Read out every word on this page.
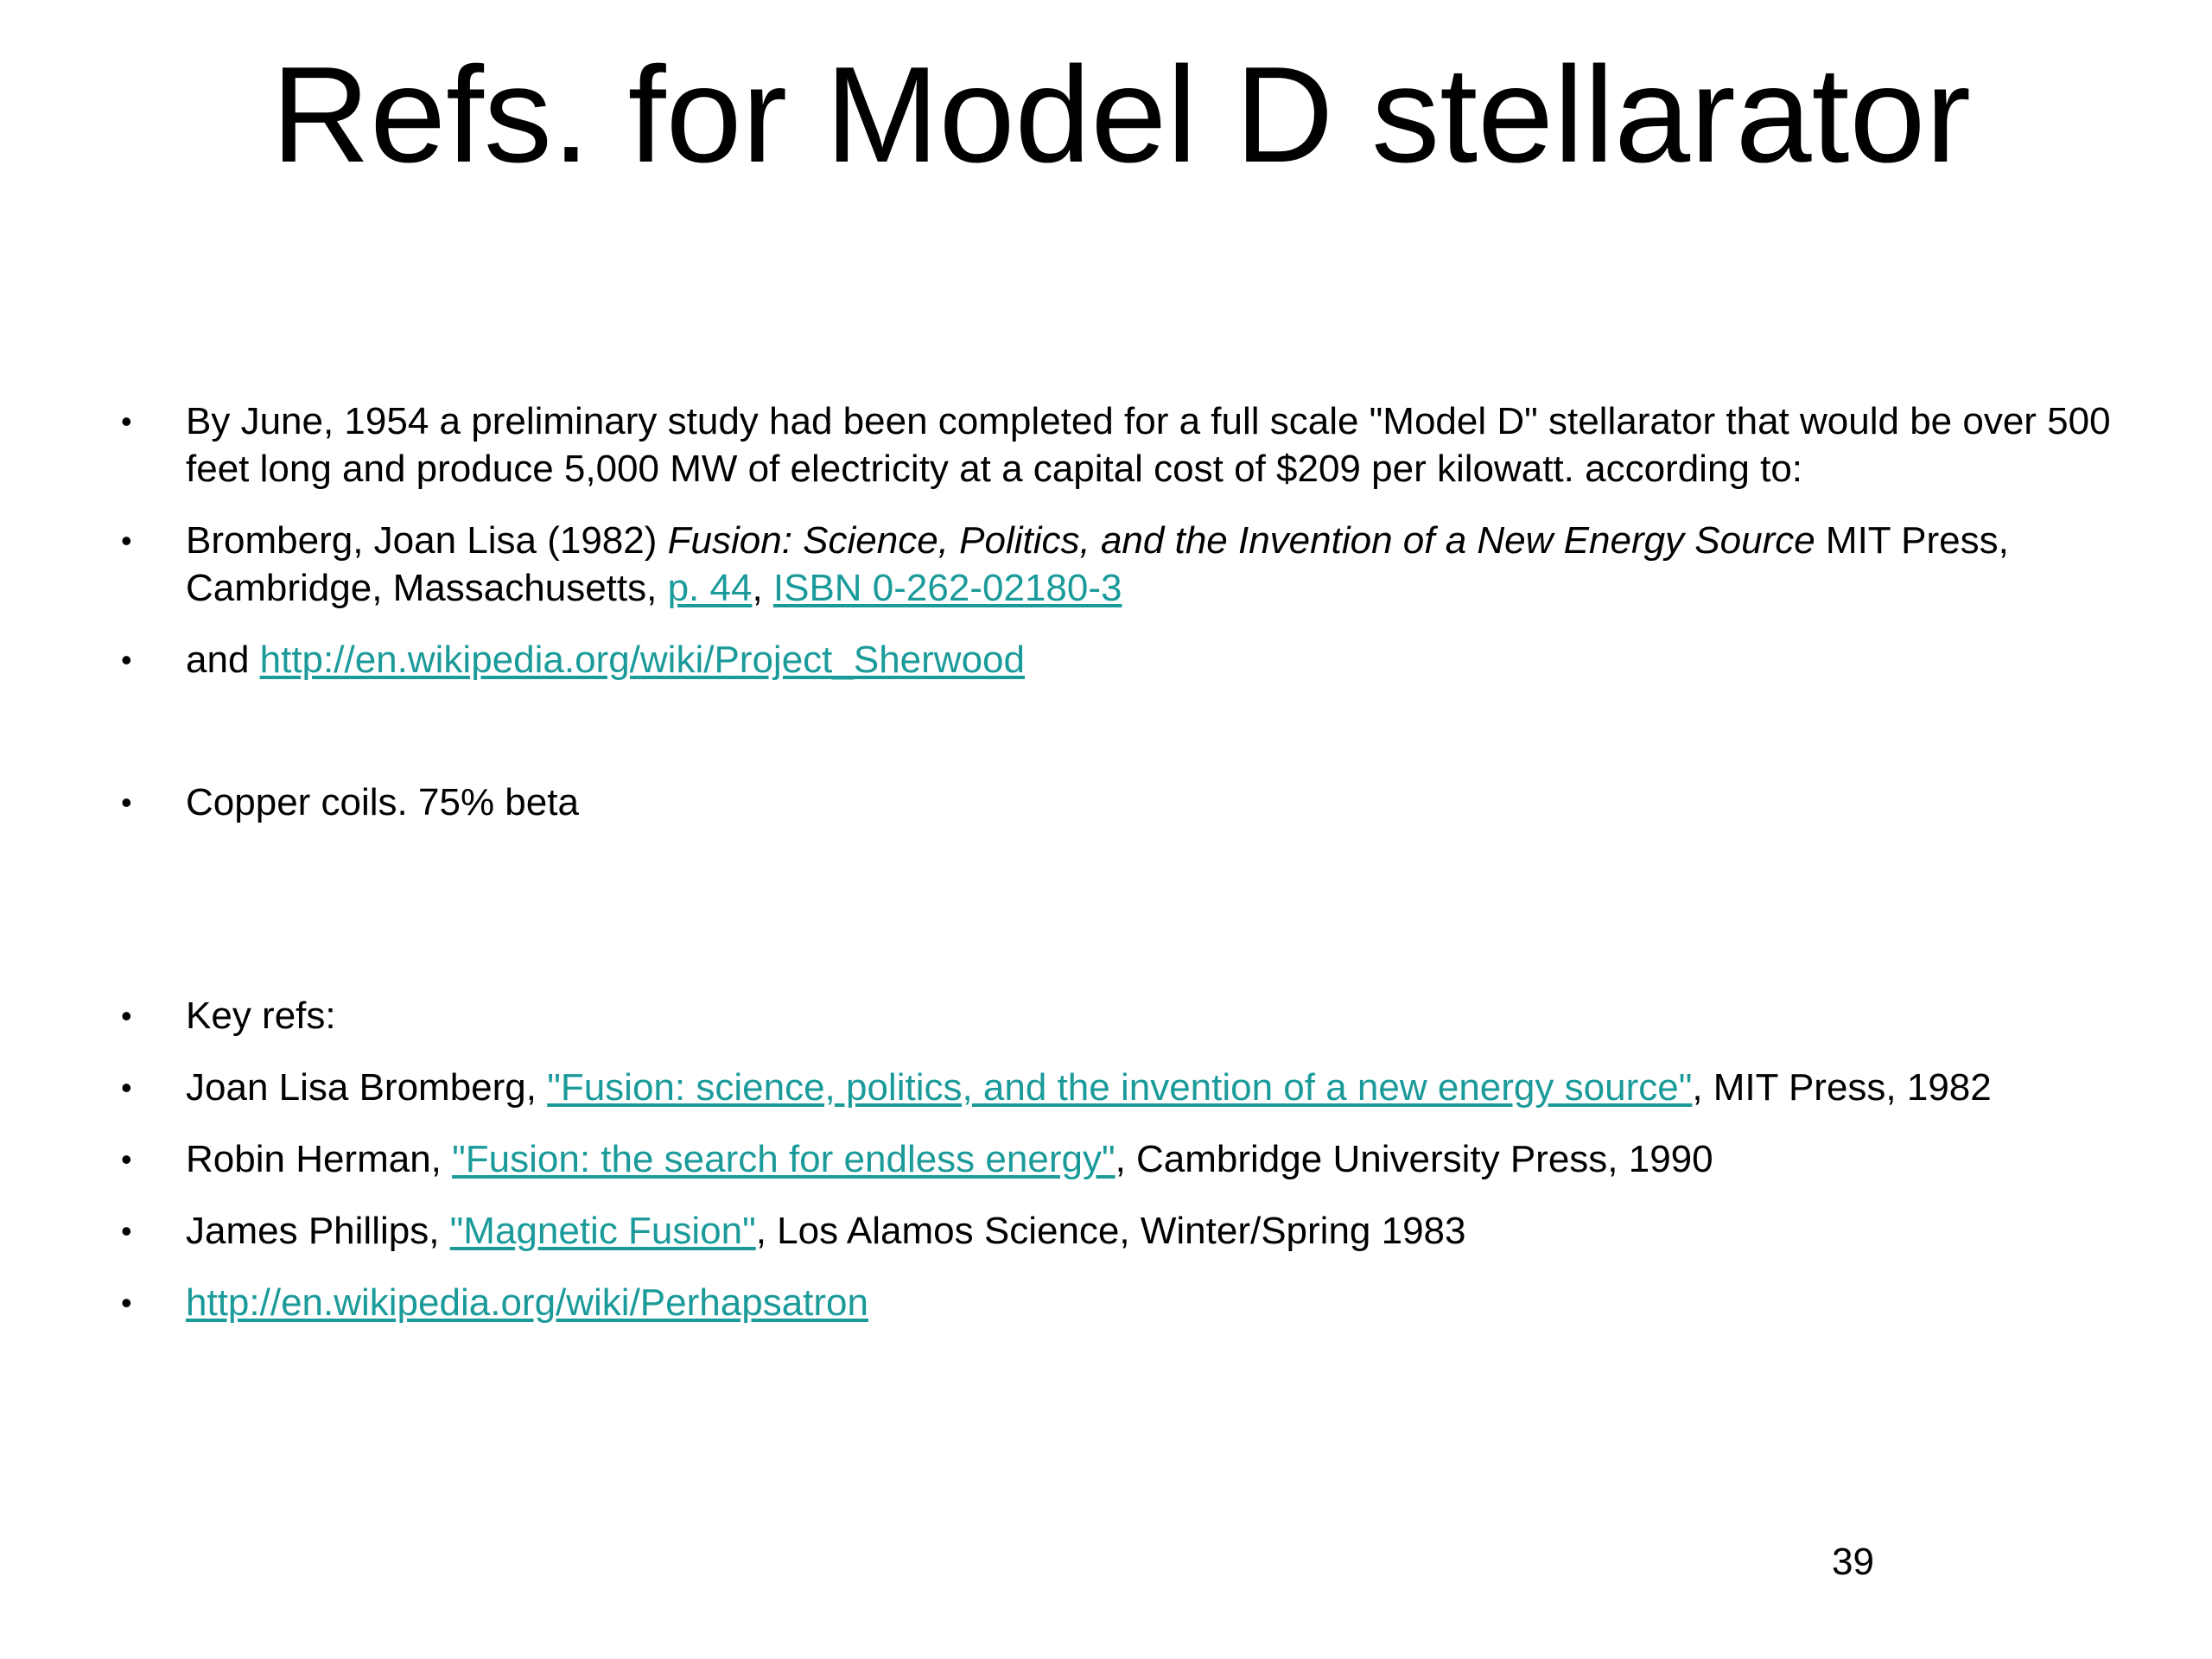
Refs. for Model D stellarator
•	By June, 1954 a preliminary study had been completed for a full scale "Model D" stellarator that would be over 500 feet long and produce 5,000 MW of electricity at a capital cost of $209 per kilowatt. according to:
•	Bromberg, Joan Lisa (1982) Fusion: Science, Politics, and the Invention of a New Energy Source MIT Press, Cambridge, Massachusetts, p. 44, ISBN 0-262-02180-3
•	and http://en.wikipedia.org/wiki/Project_Sherwood
•	Copper coils. 75% beta
•	Key refs:
•	Joan Lisa Bromberg, "Fusion: science, politics, and the invention of a new energy source", MIT Press, 1982
•	Robin Herman, "Fusion: the search for endless energy", Cambridge University Press, 1990
•	James Phillips, "Magnetic Fusion", Los Alamos Science, Winter/Spring 1983
•	http://en.wikipedia.org/wiki/Perhapsatron
39
